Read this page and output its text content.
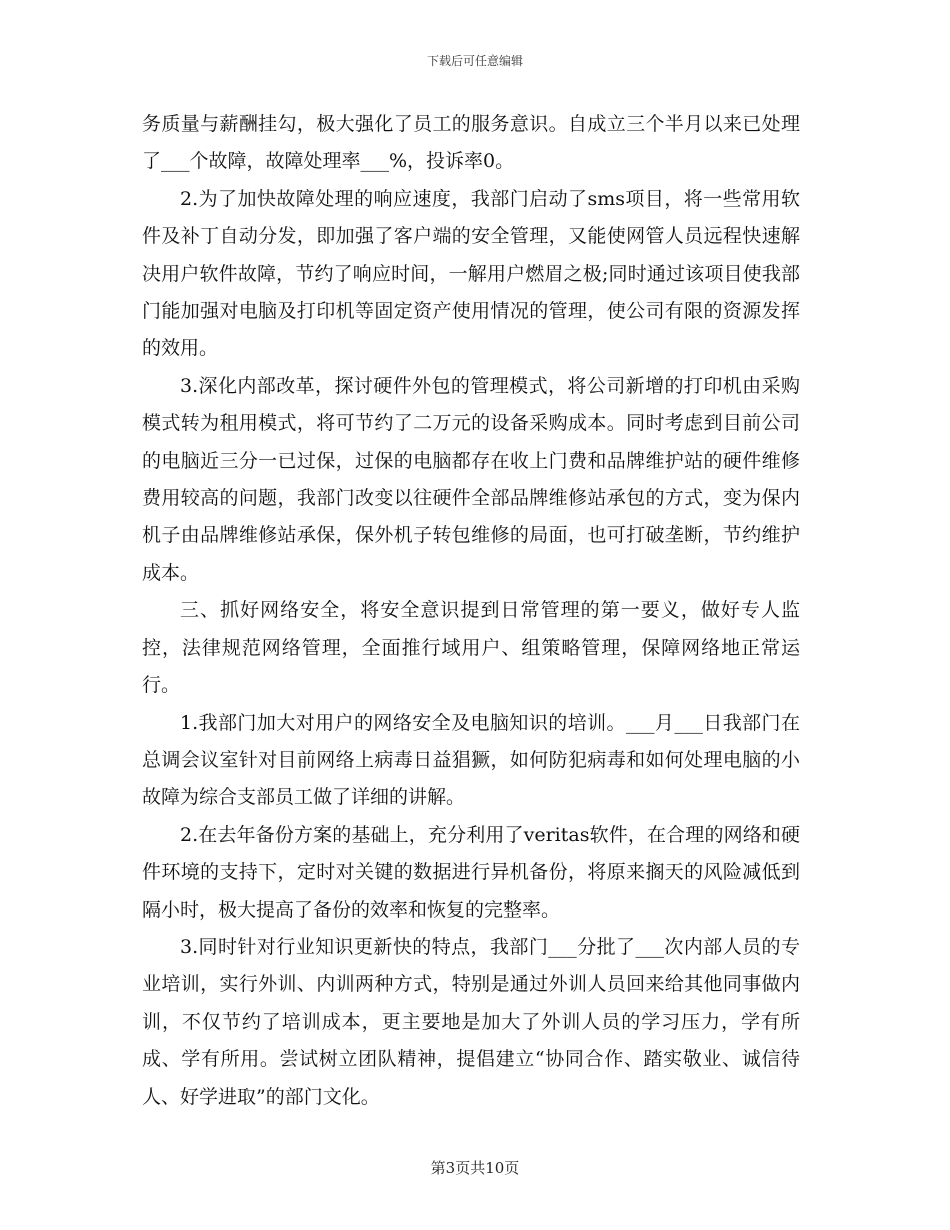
下载后可任意编辑

务质量与薪酬挂勾，极大强化了员工的服务意识。自成立三个半月以来已处理了___个故障，故障处理率___%，投诉率0。

2.为了加快故障处理的响应速度，我部门启动了sms项目，将一些常用软件及补丁自动分发，即加强了客户端的安全管理，又能使网管人员远程快速解决用户软件故障，节约了响应时间，一解用户燃眉之极;同时通过该项目使我部门能加强对电脑及打印机等固定资产使用情况的管理，使公司有限的资源发挥的效用。

3.深化内部改革，探讨硬件外包的管理模式，将公司新增的打印机由采购模式转为租用模式，将可节约了二万元的设备采购成本。同时考虑到目前公司的电脑近三分一已过保，过保的电脑都存在收上门费和品牌维护站的硬件维修费用较高的问题，我部门改变以往硬件全部品牌维修站承包的方式，变为保内机子由品牌维修站承保，保外机子转包维修的局面，也可打破垄断，节约维护成本。

三、抓好网络安全，将安全意识提到日常管理的第一要义，做好专人监控，法律规范网络管理，全面推行域用户、组策略管理，保障网络地正常运行。

1.我部门加大对用户的网络安全及电脑知识的培训。___月___日我部门在总调会议室针对目前网络上病毒日益猖獗，如何防犯病毒和如何处理电脑的小故障为综合支部员工做了详细的讲解。

2.在去年备份方案的基础上，充分利用了veritas软件，在合理的网络和硬件环境的支持下，定时对关键的数据进行异机备份，将原来搁天的风险减低到隔小时，极大提高了备份的效率和恢复的完整率。

3.同时针对行业知识更新快的特点，我部门___分批了___次内部人员的专业培训，实行外训、内训两种方式，特别是通过外训人员回来给其他同事做内训，不仅节约了培训成本，更主要地是加大了外训人员的学习压力，学有所成、学有所用。尝试树立团队精神，提倡建立“协同合作、踏实敬业、诚信待人、好学进取”的部门文化。

第3页共10页
